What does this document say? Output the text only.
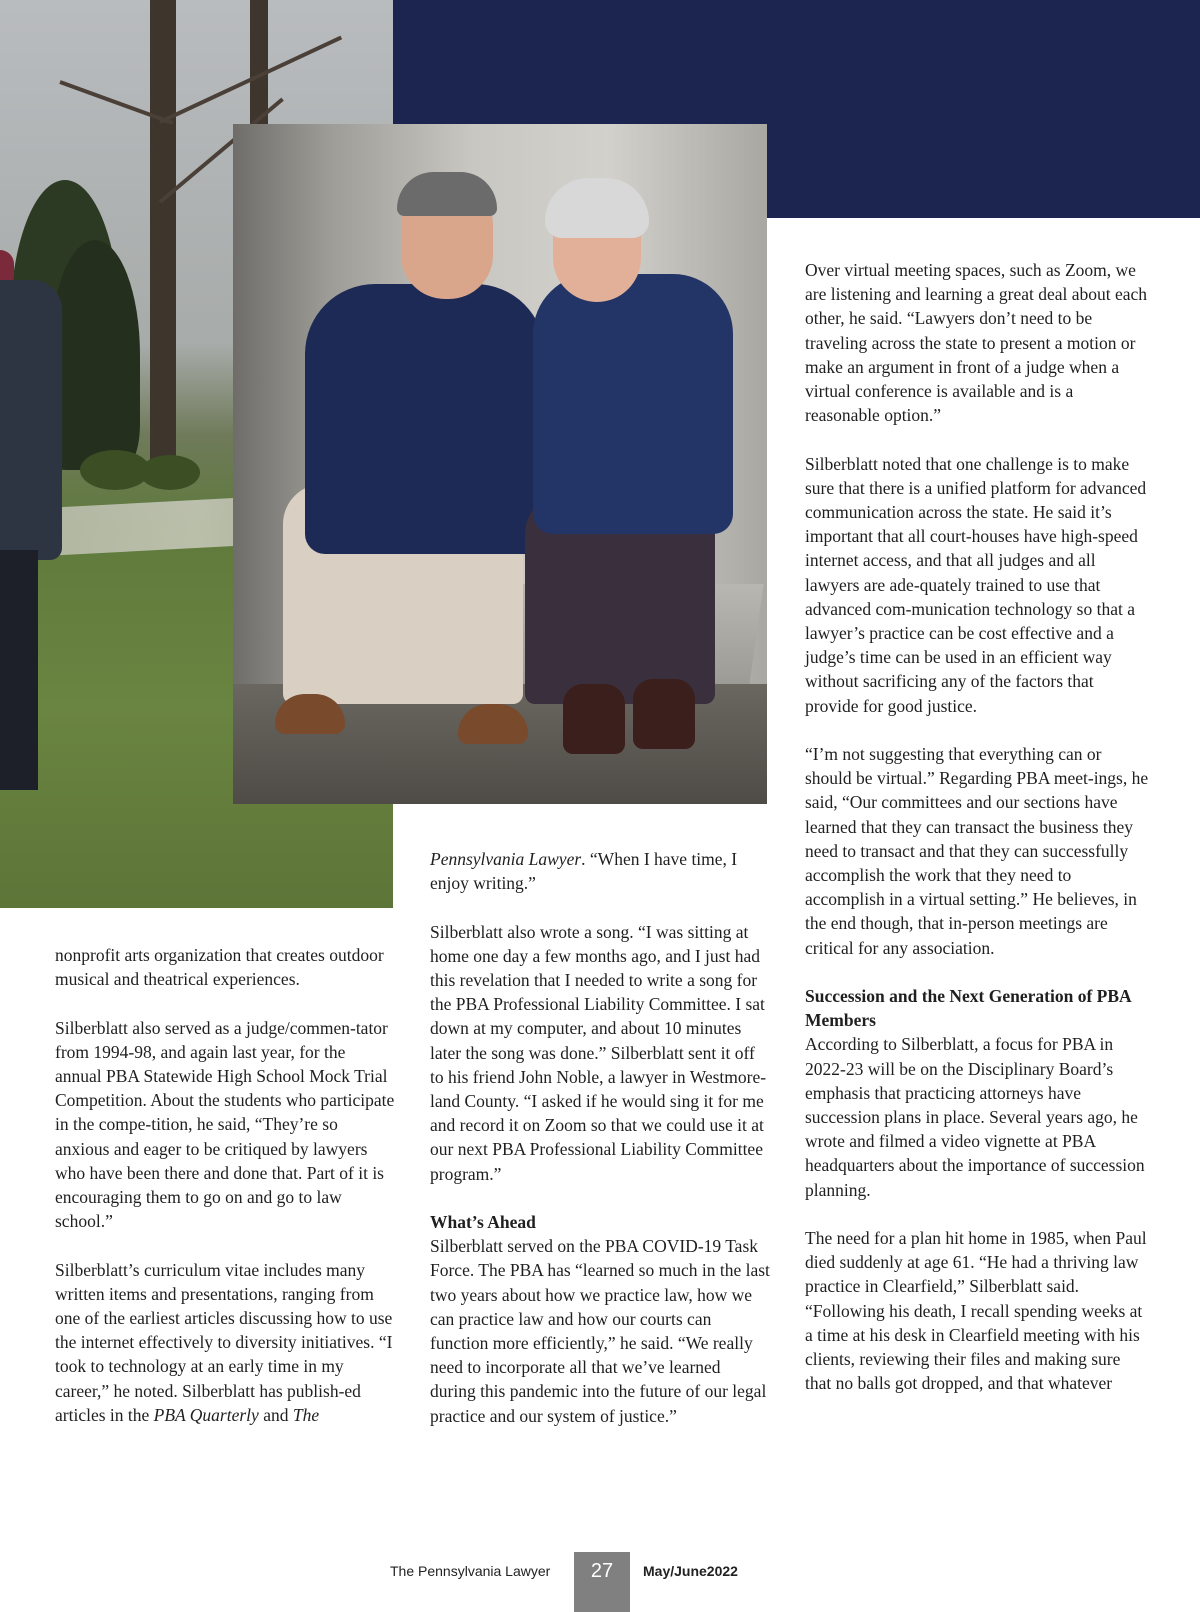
nonprofit arts organization that creates outdoor musical and theatrical experiences.

Silberblatt also served as a judge/commen-tator from 1994-98, and again last year, for the annual PBA Statewide High School Mock Trial Competition. About the students who participate in the compe-tition, he said, “They’re so anxious and eager to be critiqued by lawyers who have been there and done that. Part of it is encouraging them to go on and go to law school.”

Silberblatt’s curriculum vitae includes many written items and presentations, ranging from one of the earliest articles discussing how to use the internet effectively to diversity initiatives. “I took to technology at an early time in my career,” he noted. Silberblatt has publish-ed articles in the PBA Quarterly and The

Pennsylvania Lawyer. “When I have time, I enjoy writing.”

Silberblatt also wrote a song. “I was sitting at home one day a few months ago, and I just had this revelation that I needed to write a song for the PBA Professional Liability Committee. I sat down at my computer, and about 10 minutes later the song was done.” Silberblatt sent it off to his friend John Noble, a lawyer in Westmore-land County. “I asked if he would sing it for me and record it on Zoom so that we could use it at our next PBA Professional Liability Committee program.”

What’s Ahead

Silberblatt served on the PBA COVID-19 Task Force. The PBA has “learned so much in the last two years about how we practice law, how we can practice law and how our courts can function more efficiently,” he said. “We really need to incorporate all that we’ve learned during this pandemic into the future of our legal practice and our system of justice.”

Over virtual meeting spaces, such as Zoom, we are listening and learning a great deal about each other, he said. “Lawyers don’t need to be traveling across the state to present a motion or make an argument in front of a judge when a virtual conference is available and is a reasonable option.”

Silberblatt noted that one challenge is to make sure that there is a unified platform for advanced communication across the state. He said it’s important that all court-houses have high-speed internet access, and that all judges and all lawyers are ade-quately trained to use that advanced com-munication technology so that a lawyer’s practice can be cost effective and a judge’s time can be used in an efficient way without sacrificing any of the factors that provide for good justice.

“I’m not suggesting that everything can or should be virtual.” Regarding PBA meet-ings, he said, “Our committees and our sections have learned that they can transact the business they need to transact and that they can successfully accomplish the work that they need to accomplish in a virtual setting.” He believes, in the end though, that in-person meetings are critical for any association.

Succession and the Next Generation of PBA Members

According to Silberblatt, a focus for PBA in 2022-23 will be on the Disciplinary Board’s emphasis that practicing attorneys have succession plans in place. Several years ago, he wrote and filmed a video vignette at PBA headquarters about the importance of succession planning.

The need for a plan hit home in 1985, when Paul died suddenly at age 61. “He had a thriving law practice in Clearfield,” Silberblatt said. “Following his death, I recall spending weeks at a time at his desk in Clearfield meeting with his clients, reviewing their files and making sure that no balls got dropped, and that whatever

The Pennsylvania Lawyer	27	May/June2022
